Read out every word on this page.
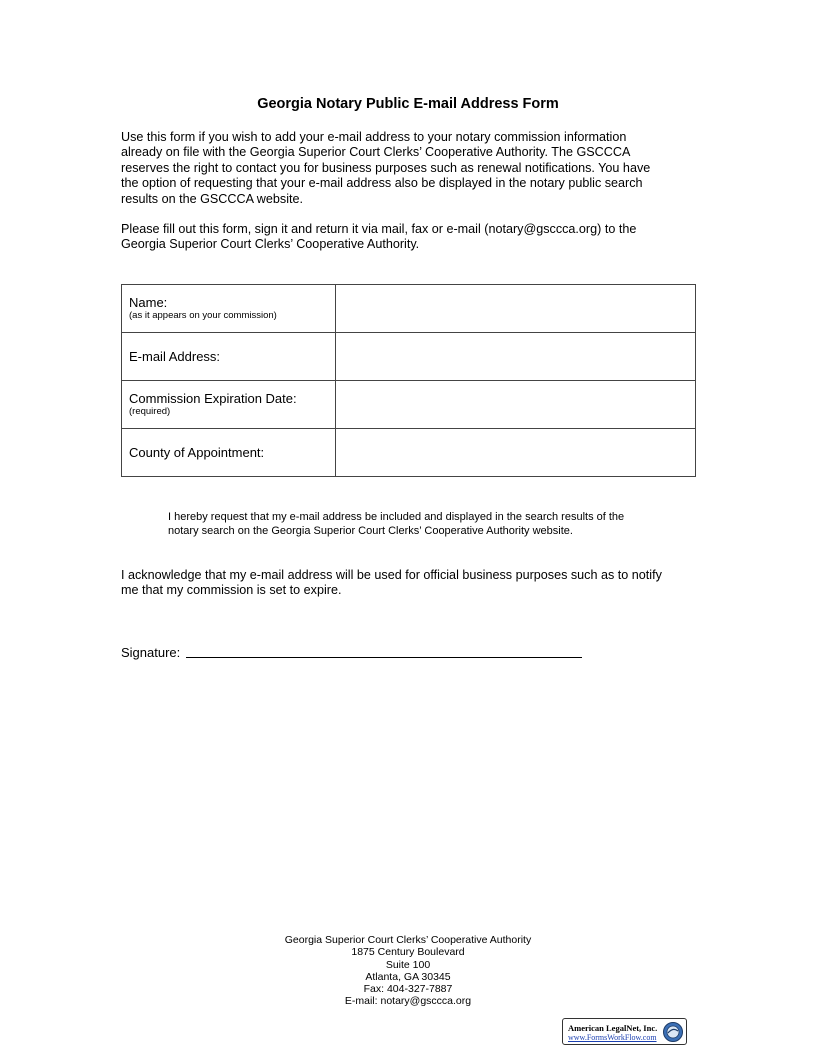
Georgia Notary Public E-mail Address Form
Use this form if you wish to add your e-mail address to your notary commission information
already on file with the Georgia Superior Court Clerks’ Cooperative Authority. The GSCCCA
reserves the right to contact you for business purposes such as renewal notifications. You have
the option of requesting that your e-mail address also be displayed in the notary public search
results on the GSCCCA website.
Please fill out this form, sign it and return it via mail, fax or e-mail (notary@gsccca.org) to the
Georgia Superior Court Clerks’ Cooperative Authority.
Name:
(as it appears on your commission)

E-mail Address:

Commission Expiration Date:
(required)

County of Appointment:

I hereby request that my e-mail address be included and displayed in the search results of the
notary search on the Georgia Superior Court Clerks’ Cooperative Authority website.
I acknowledge that my e-mail address will be used for official business purposes such as to notify
me that my commission is set to expire.
Signature:
Georgia Superior Court Clerks’ Cooperative Authority
1875 Century Boulevard
Suite 100
Atlanta, GA 30345
Fax: 404-327-7887
E-mail: notary@gsccca.org
American LegalNet, Inc.
www.FormsWorkFlow.com
